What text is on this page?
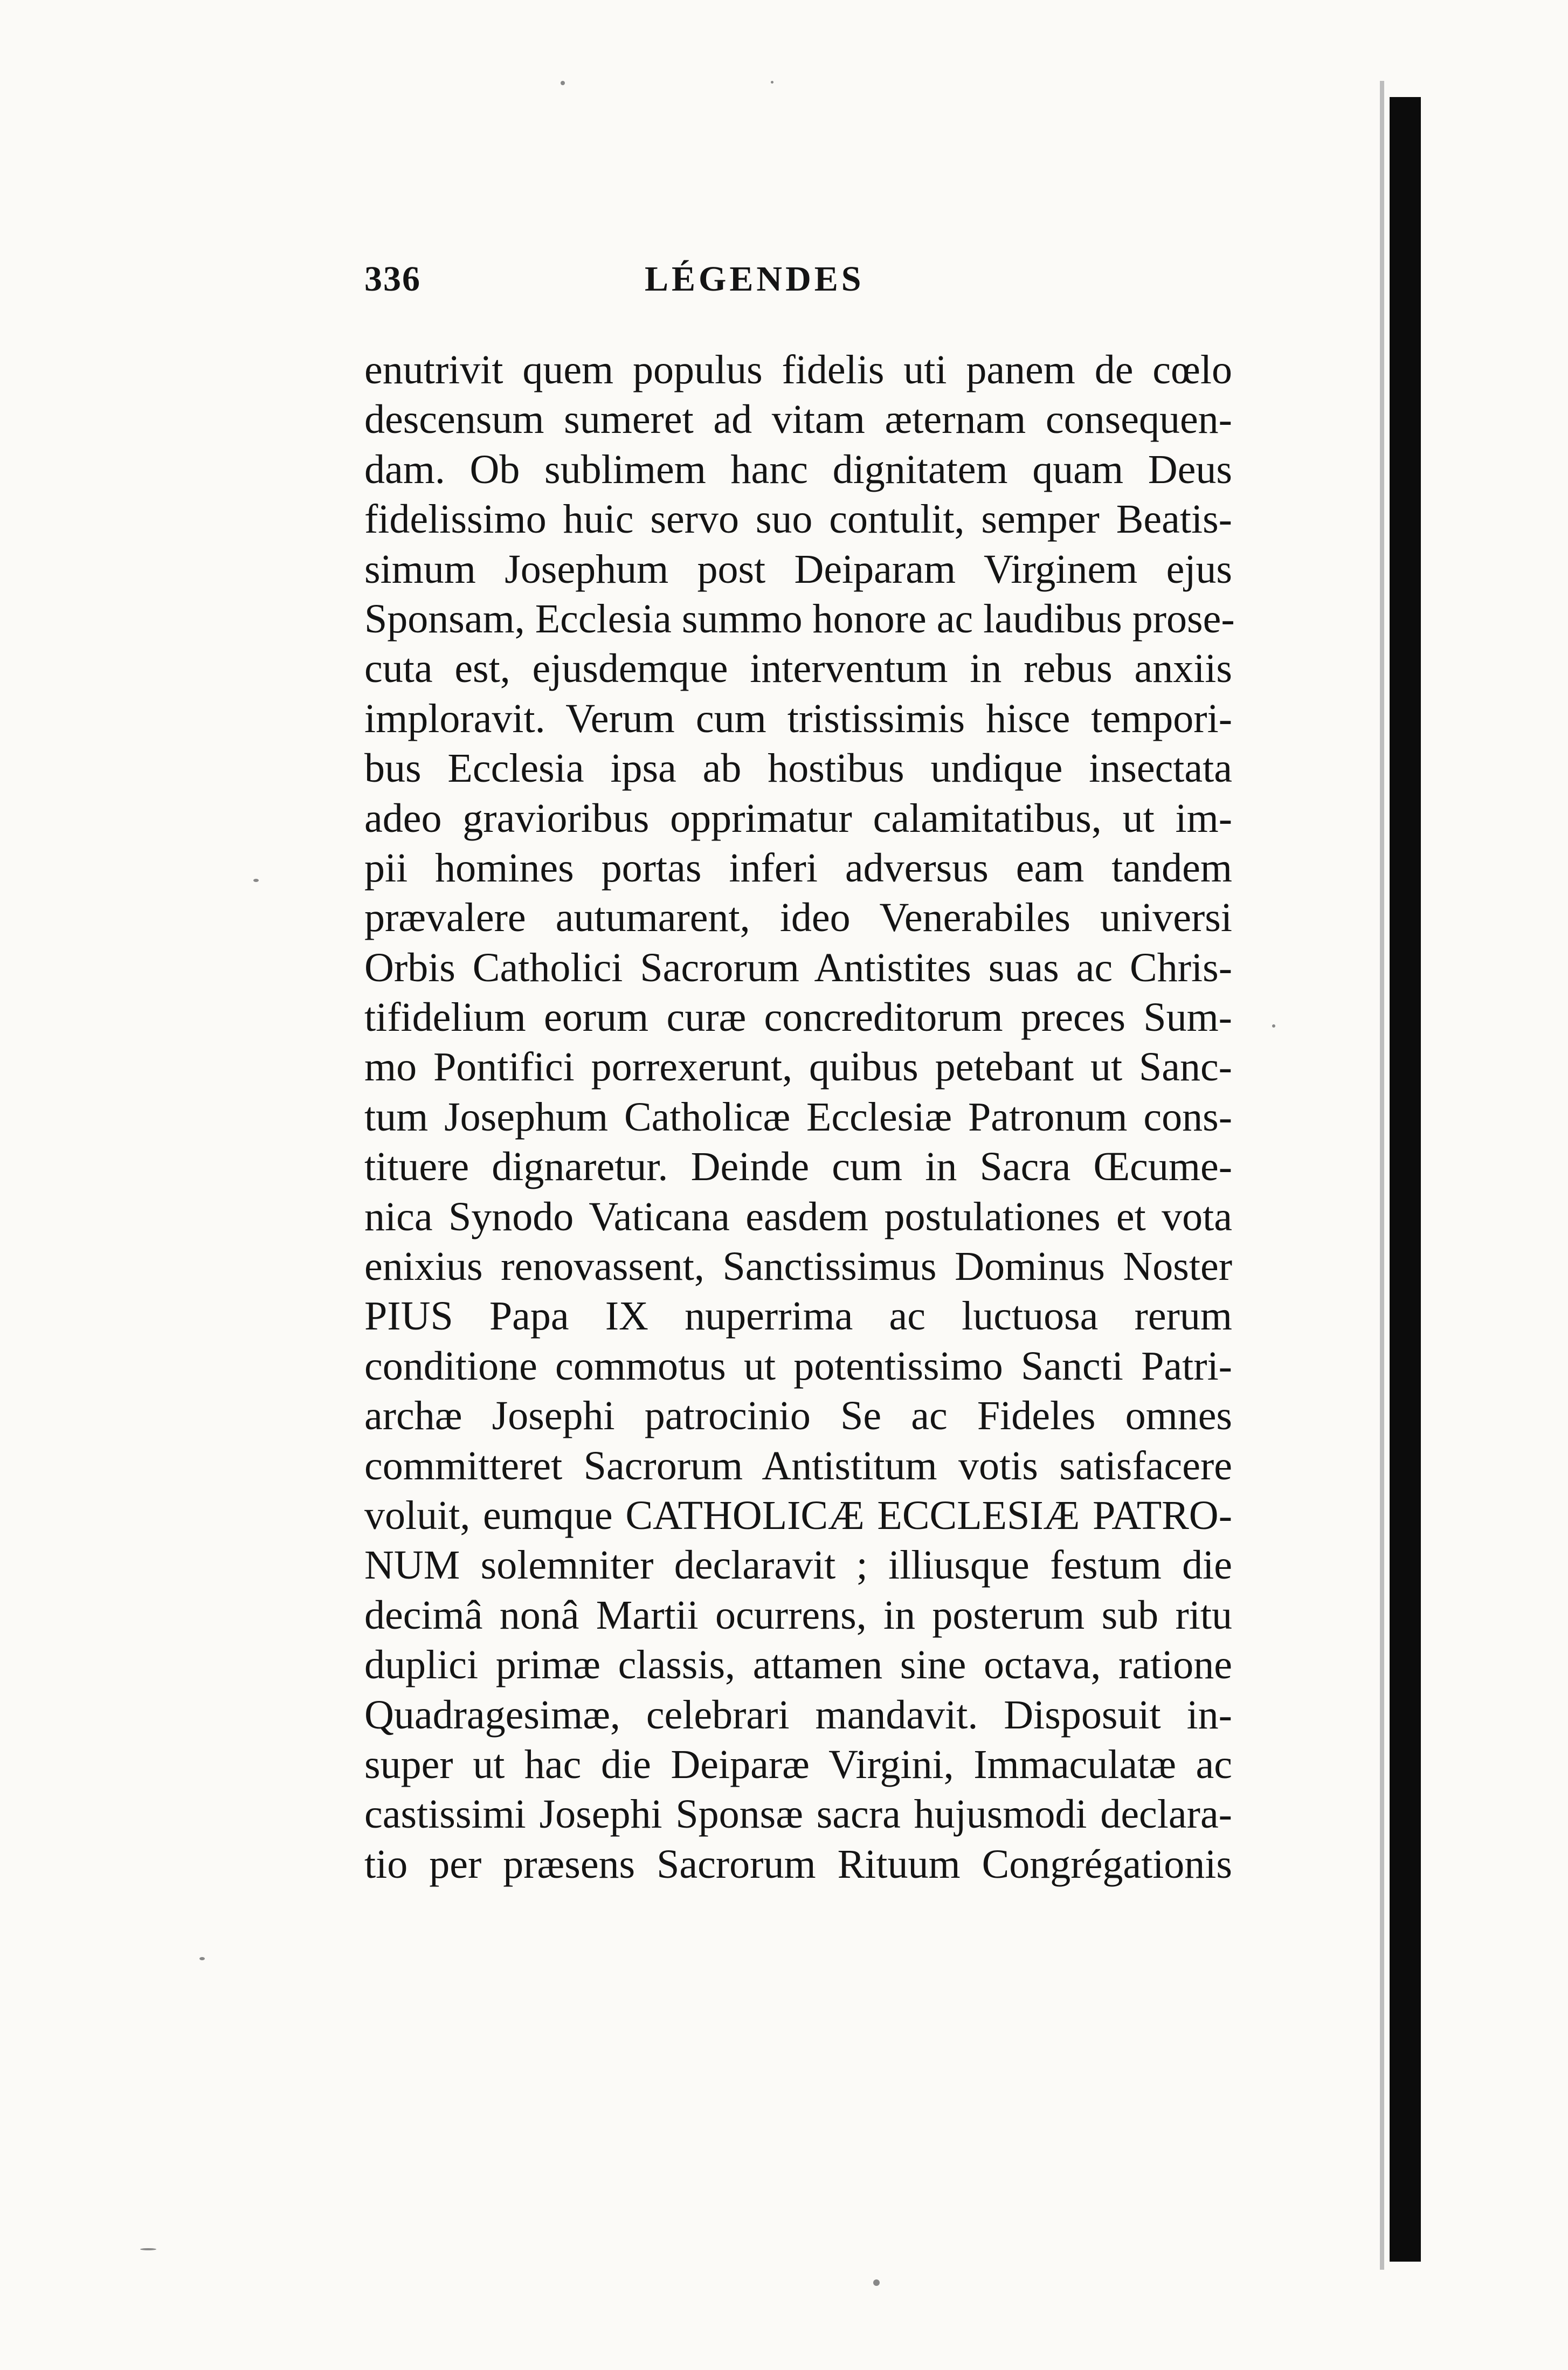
336	LÉGENDES
enutrivit quem populus fidelis uti panem de cœlo
descensum sumeret ad vitam æternam consequen-
dam. Ob sublimem hanc dignitatem quam Deus
fidelissimo huic servo suo contulit, semper Beatis-
simum Josephum post Deiparam Virginem ejus
Sponsam, Ecclesia summo honore ac laudibus prose-
cuta est, ejusdemque interventum in rebus anxiis
imploravit. Verum cum tristissimis hisce tempori-
bus Ecclesia ipsa ab hostibus undique insectata
adeo gravioribus opprimatur calamitatibus, ut im-
pii homines portas inferi adversus eam tandem
prævalere autumarent, ideo Venerabiles universi
Orbis Catholici Sacrorum Antistites suas ac Chris-
tifidelium eorum curæ concreditorum preces Sum-
mo Pontifici porrexerunt, quibus petebant ut Sanc-
tum Josephum Catholicæ Ecclesiæ Patronum cons-
tituere dignaretur. Deinde cum in Sacra Œcume-
nica Synodo Vaticana easdem postulationes et vota
enixius renovassent, Sanctissimus Dominus Noster
PIUS Papa IX nuperrima ac luctuosa rerum
conditione commotus ut potentissimo Sancti Patri-
archæ Josephi patrocinio Se ac Fideles omnes
committeret Sacrorum Antistitum votis satisfacere
voluit, eumque CATHOLICÆ ECCLESIÆ PATRO-
NUM solemniter declaravit ; illiusque festum die
decimâ nonâ Martii ocurrens, in posterum sub ritu
duplici primæ classis, attamen sine octava, ratione
Quadragesimæ, celebrari mandavit. Disposuit in-
super ut hac die Deiparæ Virgini, Immaculatæ ac
castissimi Josephi Sponsæ sacra hujusmodi declara-
tio per præsens Sacrorum Rituum Congrégationis
